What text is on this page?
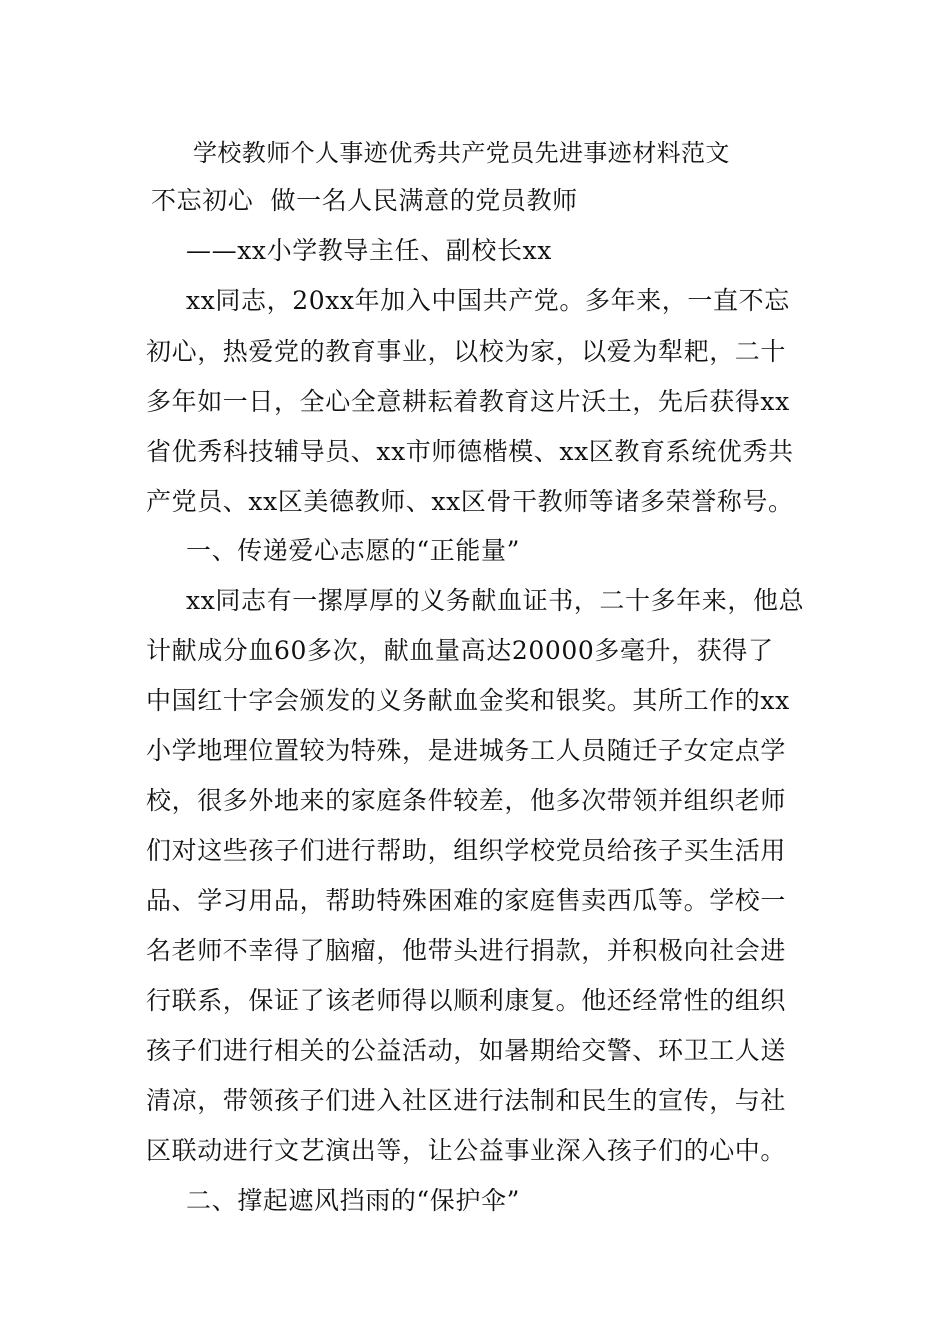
学校教师个人事迹优秀共产党员先进事迹材料范文
不忘初心  做一名人民满意的党员教师
——xx小学教导主任、副校长xx
xx同志，20xx年加入中国共产党。多年来，一直不忘
初心，热爱党的教育事业，以校为家，以爱为犁耙，二十
多年如一日，全心全意耕耘着教育这片沃土，先后获得xx
省优秀科技辅导员、xx市师德楷模、xx区教育系统优秀共
产党员、xx区美德教师、xx区骨干教师等诸多荣誉称号。
一、传递爱心志愿的“正能量”
xx同志有一摞厚厚的义务献血证书，二十多年来，他总
计献成分血60多次，献血量高达20000多毫升，获得了
中国红十字会颁发的义务献血金奖和银奖。其所工作的xx
小学地理位置较为特殊，是进城务工人员随迁子女定点学
校，很多外地来的家庭条件较差，他多次带领并组织老师
们对这些孩子们进行帮助，组织学校党员给孩子买生活用
品、学习用品，帮助特殊困难的家庭售卖西瓜等。学校一
名老师不幸得了脑瘤，他带头进行捐款，并积极向社会进
行联系，保证了该老师得以顺利康复。他还经常性的组织
孩子们进行相关的公益活动，如暑期给交警、环卫工人送
清凉，带领孩子们进入社区进行法制和民生的宣传，与社
区联动进行文艺演出等，让公益事业深入孩子们的心中。
二、撑起遮风挡雨的“保护伞”
